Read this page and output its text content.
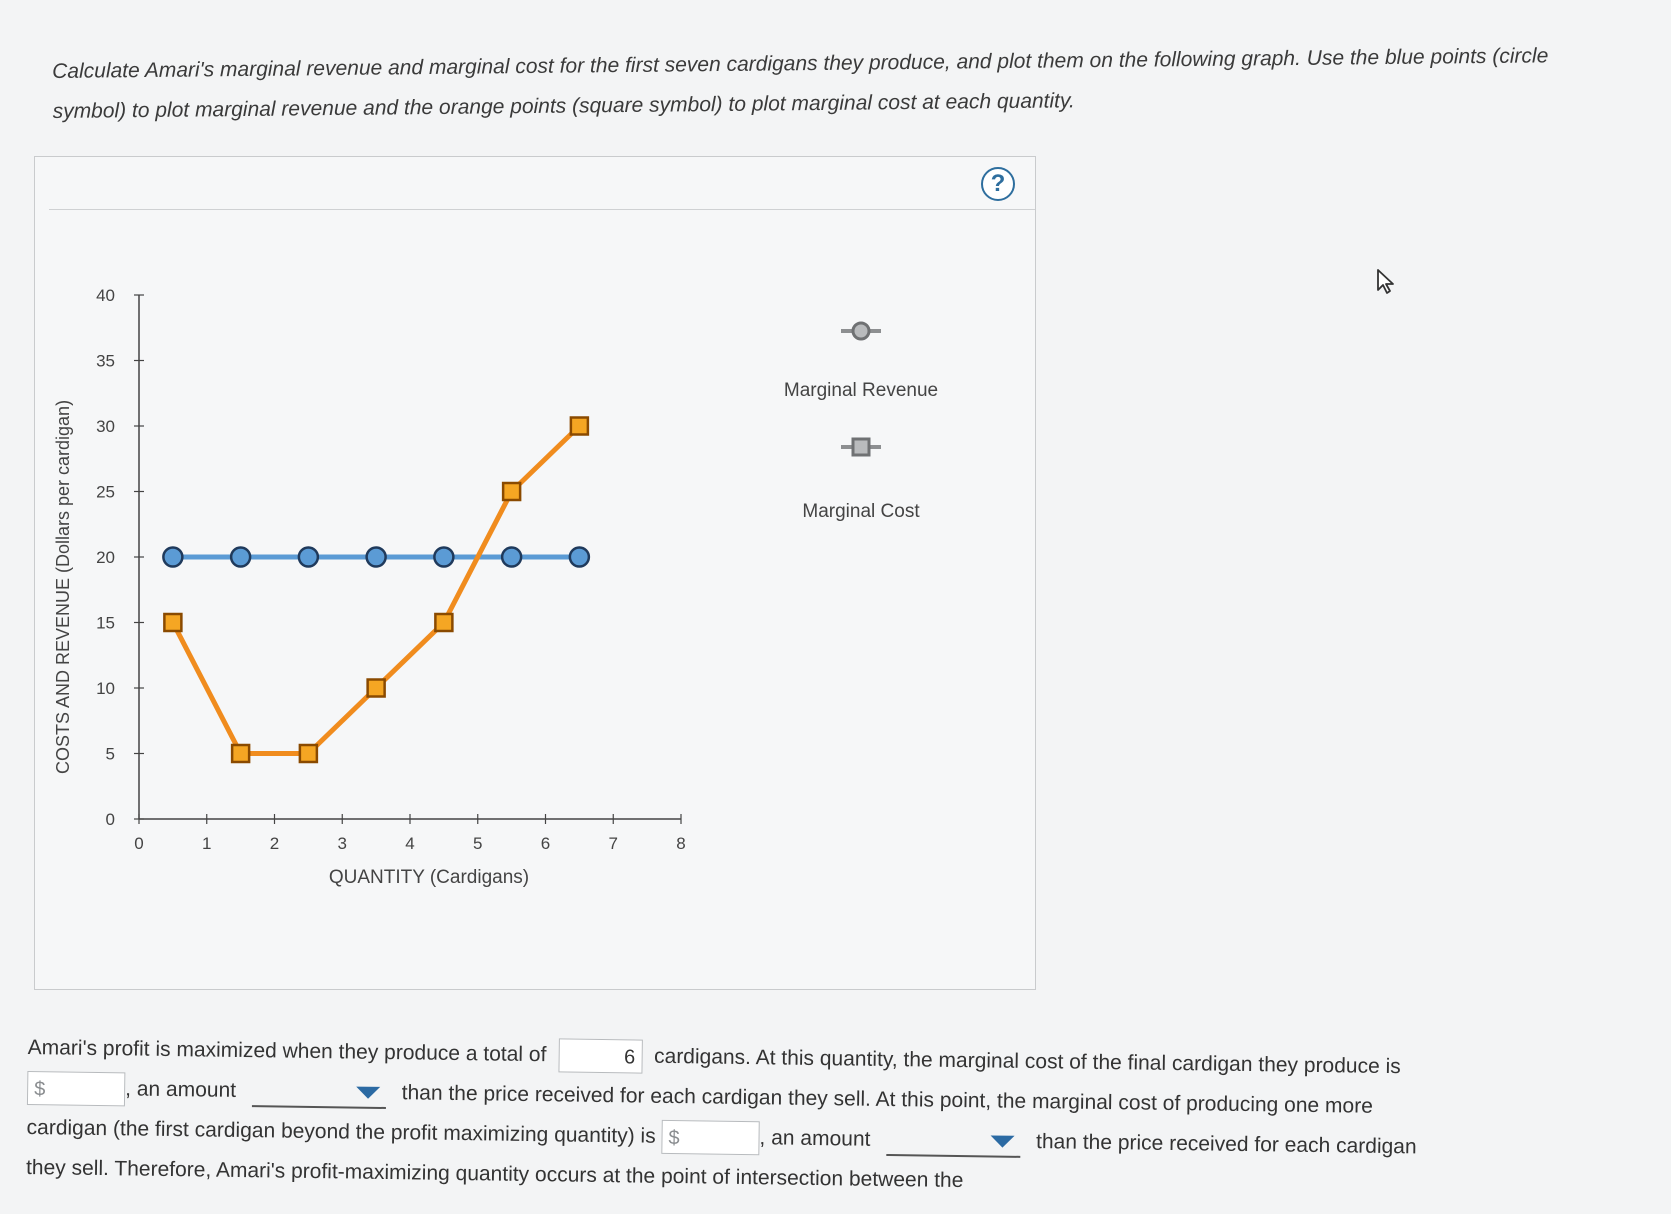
Calculate Amari's marginal revenue and marginal cost for the first seven cardigans they produce, and plot them on the following graph. Use the blue points (circle symbol) to plot marginal revenue and the orange points (square symbol) to plot marginal cost at each quantity.
?
0	1	2	3	4	5	6	7	8
0
5
10
15
20
25
30
35
40
COSTS AND REVENUE (Dollars per cardigan)
QUANTITY (Cardigans)
Marginal Revenue
Marginal Cost
Amari's profit is maximized when they produce a total of	6 cardigans. At this quantity, the marginal cost of the final cardigan they produce is
$	, an amount	than the price received for each cardigan they sell. At this point, the marginal cost of producing one more
cardigan (the first cardigan beyond the profit maximizing quantity) is $	, an amount	than the price received for each cardigan
they sell. Therefore, Amari's profit-maximizing quantity occurs at the point of intersection between the
